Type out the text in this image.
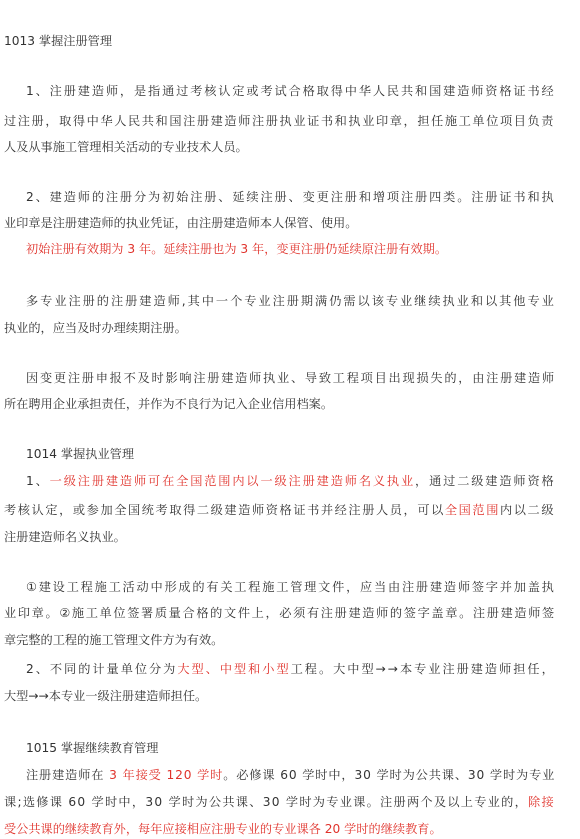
1013 掌握注册管理
1、注册建造师，是指通过考核认定或考试合格取得中华人民共和国建造师资格证书经
过注册，取得中华人民共和国注册建造师注册执业证书和执业印章，担任施工单位项目负责
人及从事施工管理相关活动的专业技术人员。
2、建造师的注册分为初始注册、延续注册、变更注册和增项注册四类。注册证书和执
业印章是注册建造师的执业凭证，由注册建造师本人保管、使用。
初始注册有效期为 3 年。延续注册也为 3 年，变更注册仍延续原注册有效期。
多专业注册的注册建造师,其中一个专业注册期满仍需以该专业继续执业和以其他专业
执业的，应当及时办理续期注册。
因变更注册申报不及时影响注册建造师执业、导致工程项目出现损失的，由注册建造师
所在聘用企业承担责任，并作为不良行为记入企业信用档案。
1014 掌握执业管理
1、一级注册建造师可在全国范围内以一级注册建造师名义执业，通过二级建造师资格
考核认定，或参加全国统考取得二级建造师资格证书并经注册人员，可以全国范围内以二级
注册建造师名义执业。
①建设工程施工活动中形成的有关工程施工管理文件，应当由注册建造师签字并加盖执
业印章。②施工单位签署质量合格的文件上，必须有注册建造师的签字盖章。注册建造师签
章完整的工程的施工管理文件方为有效。
2、不同的计量单位分为大型、中型和小型工程。大中型→→本专业注册建造师担任，
大型→→本专业一级注册建造师担任。
1015 掌握继续教育管理
注册建造师在 3 年接受 120 学时。必修课 60 学时中，30 学时为公共课、30 学时为专业
课;选修课 60 学时中，30 学时为公共课、30 学时为专业课。注册两个及以上专业的，除接
受公共课的继续教育外，每年应接相应注册专业的专业课各 20 学时的继续教育。
